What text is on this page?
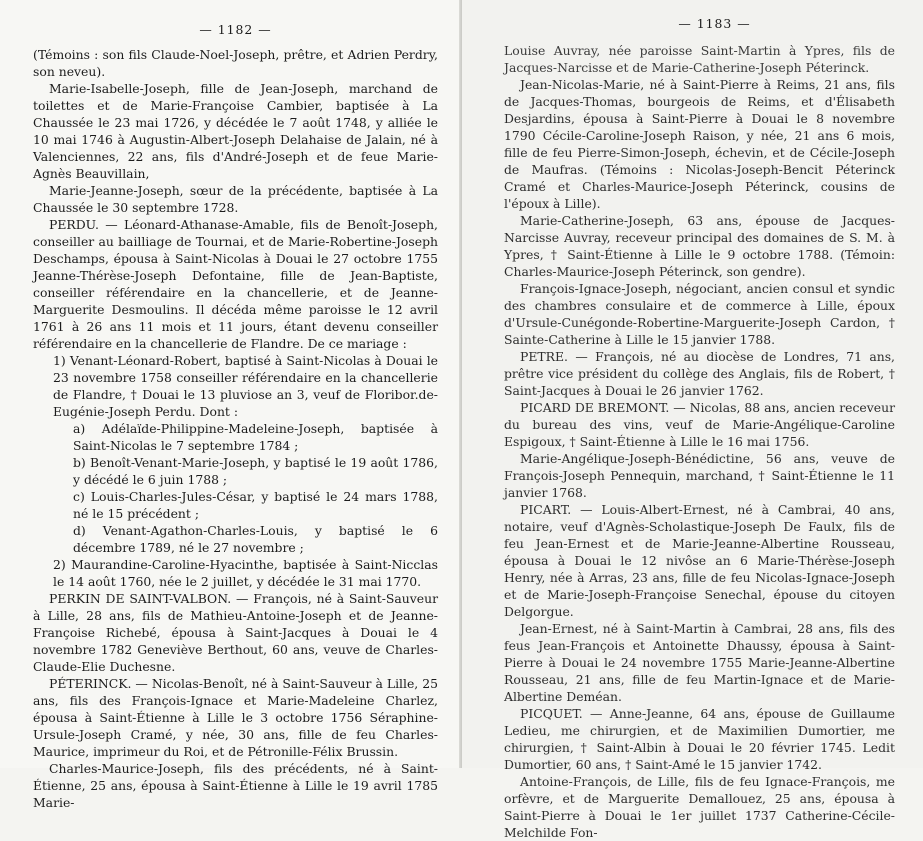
— 1182 —

(Témoins : son fils Claude-Noel-Joseph, prêtre, et Adrien Perdry, son neveu).

Marie-Isabelle-Joseph, fille de Jean-Joseph, marchand de toilettes et de Marie-Françoise Cambier, baptisée à La Chaussée le 23 mai 1726, y décédée le 7 août 1748, y alliée le 10 mai 1746 à Augustin-Albert-Joseph Delahaise de Jalain, né à Valenciennes, 22 ans, fils d'André-Joseph et de feue Marie-Agnès Beauvillain,

Marie-Jeanne-Joseph, sœur de la précédente, baptisée à La Chaussée le 30 septembre 1728.

PERDU. — Léonard-Athanase-Amable, fils de Benoît-Joseph, conseiller au bailliage de Tournai, et de Marie-Robertine-Joseph Deschamps, épousa à Saint-Nicolas à Douai le 27 octobre 1755 Jeanne-Thérèse-Joseph Defontaine, fille de Jean-Baptiste, conseiller référendaire en la chancellerie, et de Jeanne-Marguerite Desmoulins. Il décéda même paroisse le 12 avril 1761 à 26 ans 11 mois et 11 jours, étant devenu conseiller référendaire en la chancellerie de Flandre. De ce mariage :

1) Venant-Léonard-Robert, baptisé à Saint-Nicolas à Douai le 23 novembre 1758 conseiller référendaire en la chancellerie de Flandre, † Douai le 13 pluviose an 3, veuf de Floribor.de-Eugénie-Joseph Perdu. Dont :

a) Adélaïde-Philippine-Madeleine-Joseph, baptisée à Saint-Nicolas le 7 septembre 1784 ;

b) Benoît-Venant-Marie-Joseph, y baptisé le 19 août 1786, y décédé le 6 juin 1788 ;

c) Louis-Charles-Jules-César, y baptisé le 24 mars 1788, né le 15 précédent ;

d) Venant-Agathon-Charles-Louis, y baptisé le 6 décembre 1789, né le 27 novembre ;

2) Maurandine-Caroline-Hyacinthe, baptisée à Saint-Nicclas le 14 août 1760, née le 2 juillet, y décédée le 31 mai 1770.

PERKIN DE SAINT-VALBON. — François, né à Saint-Sauveur à Lille, 28 ans, fils de Mathieu-Antoine-Joseph et de Jeanne-Françoise Richebé, épousa à Saint-Jacques à Douai le 4 novembre 1782 Geneviève Berthout, 60 ans, veuve de Charles-Claude-Elie Duchesne.

PÉTERINCK. — Nicolas-Benoît, né à Saint-Sauveur à Lille, 25 ans, fils des François-Ignace et Marie-Madeleine Charlez, épousa à Saint-Étienne à Lille le 3 octobre 1756 Séraphine-Ursule-Joseph Cramé, y née, 30 ans, fille de feu Charles-Maurice, imprimeur du Roi, et de Pétronille-Félix Brussin.

Charles-Maurice-Joseph, fils des précédents, né à Saint-Étienne, 25 ans, épousa à Saint-Étienne à Lille le 19 avril 1785 Marie-

— 1183 —

Louise Auvray, née paroisse Saint-Martin à Ypres, fils de Jacques-Narcisse et de Marie-Catherine-Joseph Péterinck.

Jean-Nicolas-Marie, né à Saint-Pierre à Reims, 21 ans, fils de Jacques-Thomas, bourgeois de Reims, et d'Élisabeth Desjardins, épousa à Saint-Pierre à Douai le 8 novembre 1790 Cécile-Caroline-Joseph Raison, y née, 21 ans 6 mois, fille de feu Pierre-Simon-Joseph, échevin, et de Cécile-Joseph de Maufras. (Témoins : Nicolas-Joseph-Bencit Péterinck Cramé et Charles-Maurice-Joseph Péterinck, cousins de l'époux à Lille).

Marie-Catherine-Joseph, 63 ans, épouse de Jacques-Narcisse Auvray, receveur principal des domaines de S. M. à Ypres, † Saint-Étienne à Lille le 9 octobre 1788. (Témoin: Charles-Maurice-Joseph Péterinck, son gendre).

François-Ignace-Joseph, négociant, ancien consul et syndic des chambres consulaire et de commerce à Lille, époux d'Ursule-Cunégonde-Robertine-Marguerite-Joseph Cardon, † Sainte-Catherine à Lille le 15 janvier 1788.

PETRE. — François, né au diocèse de Londres, 71 ans, prêtre vice président du collège des Anglais, fils de Robert, † Saint-Jacques à Douai le 26 janvier 1762.

PICARD DE BREMONT. — Nicolas, 88 ans, ancien receveur du bureau des vins, veuf de Marie-Angélique-Caroline Espigoux, † Saint-Étienne à Lille le 16 mai 1756.

Marie-Angélique-Joseph-Bénédictine, 56 ans, veuve de François-Joseph Pennequin, marchand, † Saint-Étienne le 11 janvier 1768.

PICART. — Louis-Albert-Ernest, né à Cambrai, 40 ans, notaire, veuf d'Agnès-Scholastique-Joseph De Faulx, fils de feu Jean-Ernest et de Marie-Jeanne-Albertine Rousseau, épousa à Douai le 12 nivôse an 6 Marie-Thérèse-Joseph Henry, née à Arras, 23 ans, fille de feu Nicolas-Ignace-Joseph et de Marie-Joseph-Françoise Senechal, épouse du citoyen Delgorgue.

Jean-Ernest, né à Saint-Martin à Cambrai, 28 ans, fils des feus Jean-François et Antoinette Dhaussy, épousa à Saint-Pierre à Douai le 24 novembre 1755 Marie-Jeanne-Albertine Rousseau, 21 ans, fille de feu Martin-Ignace et de Marie-Albertine Deméan.

PICQUET. — Anne-Jeanne, 64 ans, épouse de Guillaume Ledieu, me chirurgien, et de Maximilien Dumortier, me chirurgien, † Saint-Albin à Douai le 20 février 1745. Ledit Dumortier, 60 ans, † Saint-Amé le 15 janvier 1742.

Antoine-François, de Lille, fils de feu Ignace-François, me orfèvre, et de Marguerite Demallouez, 25 ans, épousa à Saint-Pierre à Douai le 1er juillet 1737 Catherine-Cécile-Melchilde Fon-
